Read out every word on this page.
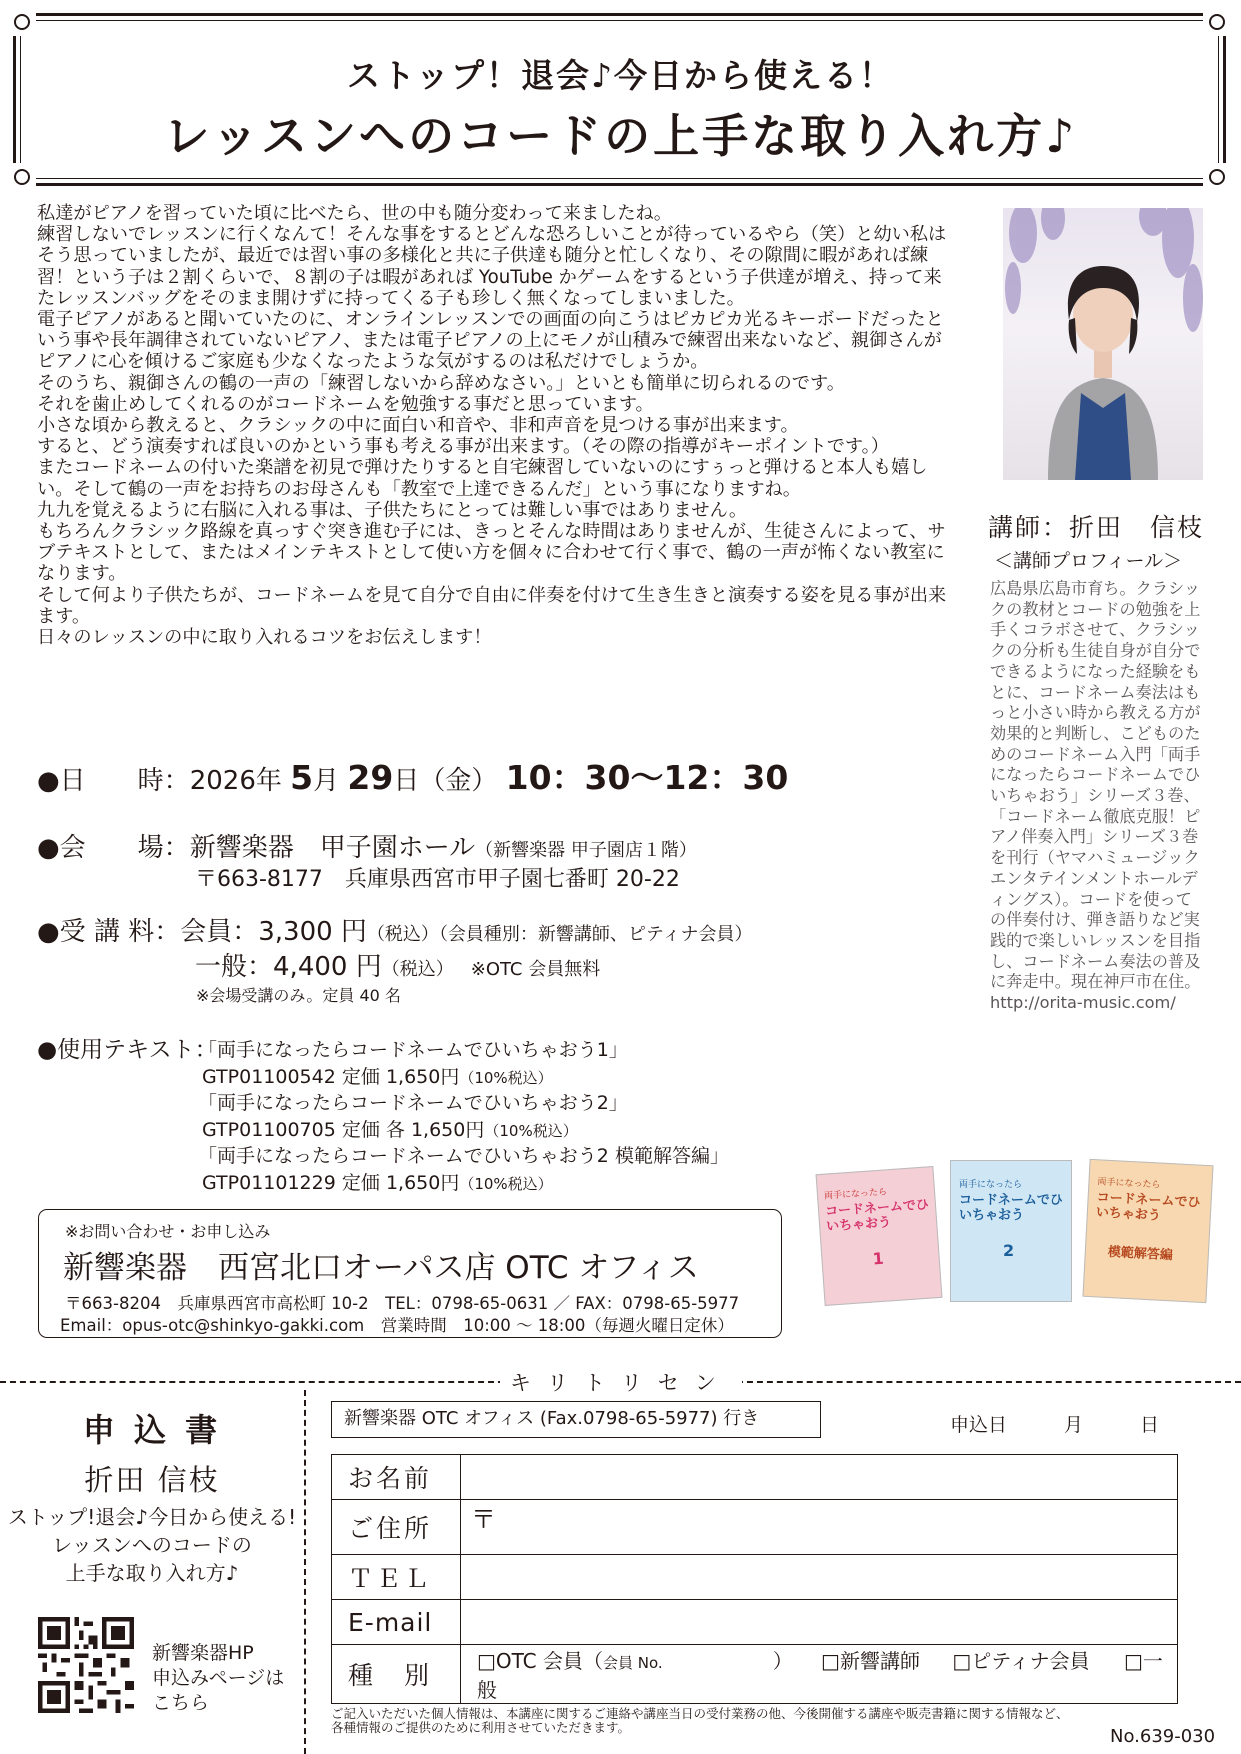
ストップ！退会♪今日から使える！
レッスンへのコードの上手な取り入れ方♪

私達がピアノを習っていた頃に比べたら、世の中も随分変わって来ましたね。

練習しないでレッスンに行くなんて！そんな事をするとどんな恐ろしいことが待っているやら（笑）と幼い私はそう思っていましたが、最近では習い事の多様化と共に子供達も随分と忙しくなり、その隙間に暇があれば練習！という子は２割くらいで、８割の子は暇があれば YouTube かゲームをするという子供達が増え、持って来たレッスンバッグをそのまま開けずに持ってくる子も珍しく無くなってしまいました。

電子ピアノがあると聞いていたのに、オンラインレッスンでの画面の向こうはピカピカ光るキーボードだったという事や長年調律されていないピアノ、または電子ピアノの上にモノが山積みで練習出来ないなど、親御さんがピアノに心を傾けるご家庭も少なくなったような気がするのは私だけでしょうか。

そのうち、親御さんの鶴の一声の「練習しないから辞めなさい。」といとも簡単に切られるのです。

それを歯止めしてくれるのがコードネームを勉強する事だと思っています。

小さな頃から教えると、クラシックの中に面白い和音や、非和声音を見つける事が出来ます。

すると、どう演奏すれば良いのかという事も考える事が出来ます。（その際の指導がキーポイントです。）

またコードネームの付いた楽譜を初見で弾けたりすると自宅練習していないのにすぅっと弾けると本人も嬉しい。そして鶴の一声をお持ちのお母さんも「教室で上達できるんだ」という事になりますね。

九九を覚えるように右脳に入れる事は、子供たちにとっては難しい事ではありません。

もちろんクラシック路線を真っすぐ突き進む子には、きっとそんな時間はありませんが、生徒さんによって、サブテキストとして、またはメインテキストとして使い方を個々に合わせて行く事で、鶴の一声が怖くない教室になります。

そして何より子供たちが、コードネームを見て自分で自由に伴奏を付けて生き生きと演奏する姿を見る事が出来ます。

日々のレッスンの中に取り入れるコツをお伝えします！

講師：折田　信枝
＜講師プロフィール＞
広島県広島市育ち。クラシックの教材とコードの勉強を上手くコラボさせて、クラシックの分析も生徒自身が自分でできるようになった経験をもとに、コードネーム奏法はもっと小さい時から教える方が効果的と判断し、こどものためのコードネーム入門「両手になったらコードネームでひいちゃおう」シリーズ３巻、「コードネーム徹底克服！ピアノ伴奏入門」シリーズ３巻を刊行（ヤマハミュージックエンタテインメントホールディングス）。コードを使っての伴奏付け、弾き語りなど実践的で楽しいレッスンを目指し、コードネーム奏法の普及に奔走中。現在神戸市在住。
http://orita-music.com/
●日　　時：2026年 5月 29日（金） 10：30～12：30
●会　　場：新響楽器　甲子園ホール（新響楽器 甲子園店１階）
〒663-8177　兵庫県西宮市甲子園七番町 20-22
●受 講 料：会員：3,300 円（税込）（会員種別：新響講師、ピティナ会員）
一般：4,400 円（税込）　 ※OTC 会員無料
※会場受講のみ。定員 40 名
●使用テキスト：
「両手になったらコードネームでひいちゃおう1」
GTP01100542 定価 1,650円（10%税込）
「両手になったらコードネームでひいちゃおう2」
GTP01100705 定価 各 1,650円（10%税込）
「両手になったらコードネームでひいちゃおう2 模範解答編」
GTP01101229 定価 1,650円（10%税込）
両手になったら
コードネームでひいちゃおう
1
両手になったら
コードネームでひいちゃおう
2
両手になったら
コードネームでひいちゃおう
模範解答編
※お問い合わせ・お申し込み
新響楽器　西宮北口オーパス店 OTC オフィス
〒663-8204　兵庫県西宮市高松町 10-2　TEL：0798-65-0631 ／ FAX：0798-65-5977
Email：opus-otc@shinkyo-gakki.com　営業時間　10:00 ～ 18:00（毎週火曜日定休）
キリトリセン
申 込 書
折田 信枝
ストップ!退会♪今日から使える!
レッスンへのコードの
上手な取り入れ方♪
新響楽器HP
申込みページは
こちら
新響楽器 OTC オフィス (Fax.0798-65-5977) 行き	申込日　　　月　　　日
お名前	
ご住所	〒
ＴＥＬ	
E-mail	
種　別	□OTC 会員（会員 No. ） □新響講師 □ピティナ会員 □一般
ご記入いただいた個人情報は、本講座に関するご連絡や講座当日の受付業務の他、今後開催する講座や販売書籍に関する情報など、各種情報のご提供のために利用させていただきます。	No.639-030
